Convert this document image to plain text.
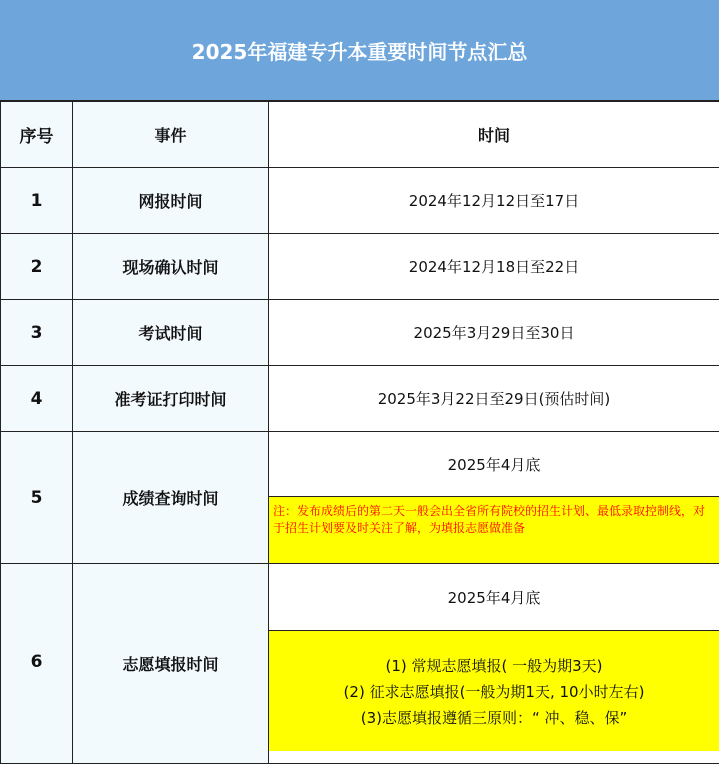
2025年福建专升本重要时间节点汇总
序号	事件	时间
1	网报时间	2024年12月12日至17日
2	现场确认时间	2024年12月18日至22日
3	考试时间	2025年3月29日至30日
4	准考证打印时间	2025年3月22日至29日(预估时间)
5	成绩查询时间	2025年4月底
注：发布成绩后的第二天一般会出全省所有院校的招生计划、最低录取控制线，对于招生计划要及时关注了解，为填报志愿做准备

6	志愿填报时间	2025年4月底
(1) 常规志愿填报( 一般为期3天)
(2) 征求志愿填报(一般为期1天, 10小时左右)
(3)志愿填报遵循三原则：“ 冲、稳、保”
